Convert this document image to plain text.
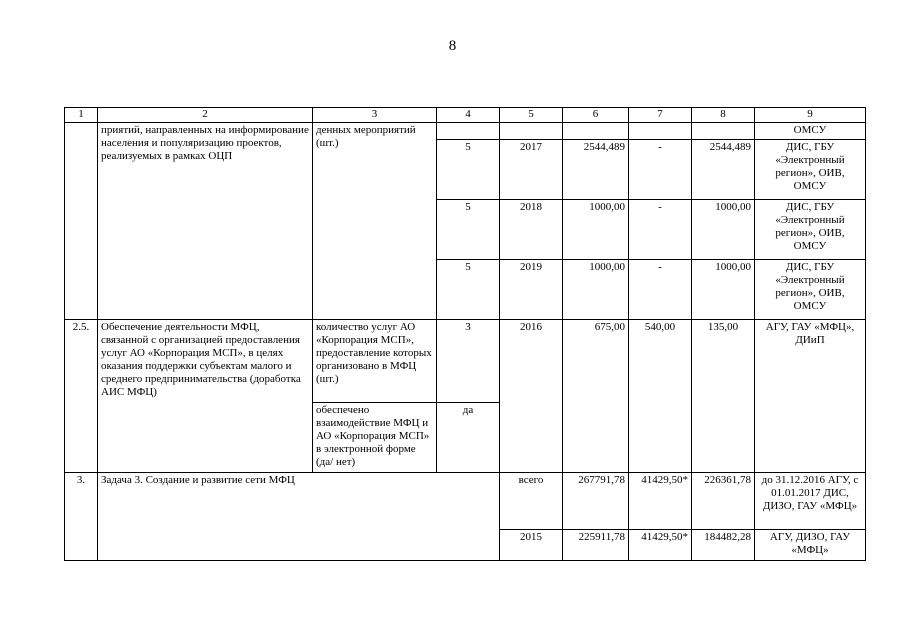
8
1	2	3	4	5	6	7	8	9
	приятий, направленных на информирование населения и популяризацию проектов, реализуемых в рамках ОЦП	денных мероприятий (шт.)						ОМСУ
			5	2017	2544,489	-	2544,489	ДИС, ГБУ «Электронный регион», ОИВ, ОМСУ
			5	2018	1000,00	-	1000,00	ДИС, ГБУ «Электронный регион», ОИВ, ОМСУ
			5	2019	1000,00	-	1000,00	ДИС, ГБУ «Электронный регион», ОИВ, ОМСУ
2.5.	Обеспечение деятельности МФЦ, связанной с организацией предоставления услуг АО «Корпорация МСП», в целях оказания поддержки субъектам малого и среднего предпринимательства (доработка АИС МФЦ)	количество услуг АО «Корпорация МСП», предоставление которых организовано в МФЦ (шт.)	3	2016	675,00	540,00	135,00	АГУ, ГАУ «МФЦ», ДИиП
		обеспечено взаимодействие МФЦ и АО «Корпорация МСП» в электронной форме (да/ нет)	да					
3.	Задача 3. Создание и развитие сети МФЦ			всего	267791,78	41429,50*	226361,78	до 31.12.2016 АГУ, с 01.01.2017 ДИС, ДИЗО, ГАУ «МФЦ»
				2015	225911,78	41429,50*	184482,28	АГУ, ДИЗО, ГАУ «МФЦ»
